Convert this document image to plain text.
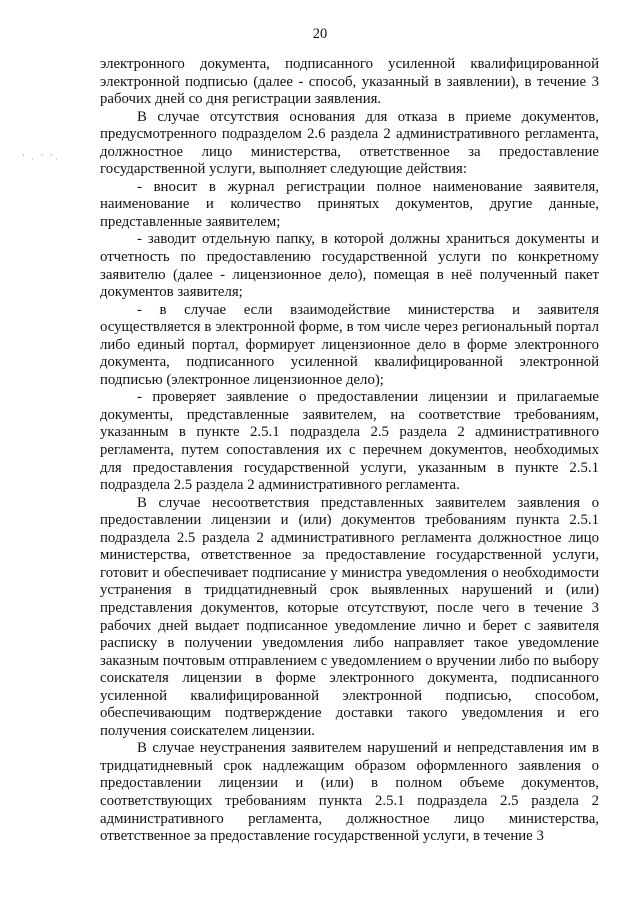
20
· ˌ · ·ˌ

электронного документа, подписанного усиленной квалифицированной электронной подписью (далее - способ, указанный в заявлении), в течение 3 рабочих дней со дня регистрации заявления.

В случае отсутствия основания для отказа в приеме документов, предусмотренного подразделом 2.6 раздела 2 административного регламента, должностное лицо министерства, ответственное за предоставление государственной услуги, выполняет следующие действия:

- вносит в журнал регистрации полное наименование заявителя, наименование и количество принятых документов, другие данные, представленные заявителем;

- заводит отдельную папку, в которой должны храниться документы и отчетность по предоставлению государственной услуги по конкретному заявителю (далее - лицензионное дело), помещая в неё полученный пакет документов заявителя;

- в случае если взаимодействие министерства и заявителя осуществляется в электронной форме, в том числе через региональный портал либо единый портал, формирует лицензионное дело в форме электронного документа, подписанного усиленной квалифицированной электронной подписью (электронное лицензионное дело);

- проверяет заявление о предоставлении лицензии и прилагаемые документы, представленные заявителем, на соответствие требованиям, указанным в пункте 2.5.1 подраздела 2.5 раздела 2 административного регламента, путем сопоставления их с перечнем документов, необходимых для предоставления государственной услуги, указанным в пункте 2.5.1 подраздела 2.5 раздела 2 административного регламента.

В случае несоответствия представленных заявителем заявления о предоставлении лицензии и (или) документов требованиям пункта 2.5.1 подраздела 2.5 раздела 2 административного регламента должностное лицо министерства, ответственное за предоставление государственной услуги, готовит и обеспечивает подписание у министра уведомления о необходимости устранения в тридцатидневный срок выявленных нарушений и (или) представления документов, которые отсутствуют, после чего в течение 3 рабочих дней выдает подписанное уведомление лично и берет с заявителя расписку в получении уведомления либо направляет такое уведомление заказным почтовым отправлением с уведомлением о вручении либо по выбору соискателя лицензии в форме электронного документа, подписанного усиленной квалифицированной электронной подписью, способом, обеспечивающим подтверждение доставки такого уведомления и его получения соискателем лицензии.

В случае неустранения заявителем нарушений и непредставления им в тридцатидневный срок надлежащим образом оформленного заявления о предоставлении лицензии и (или) в полном объеме документов, соответствующих требованиям пункта 2.5.1 подраздела 2.5 раздела 2 административного регламента, должностное лицо министерства, ответственное за предоставление государственной услуги, в течение 3
